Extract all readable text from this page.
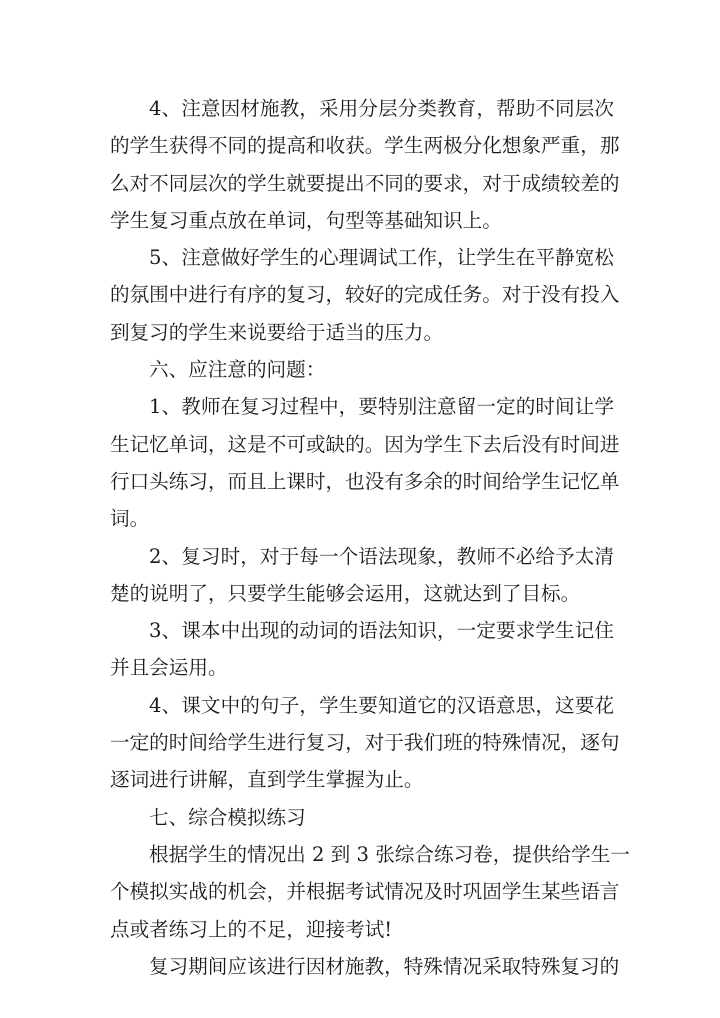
4、注意因材施教，采用分层分类教育，帮助不同层次
的学生获得不同的提高和收获。学生两极分化想象严重，那
么对不同层次的学生就要提出不同的要求，对于成绩较差的
学生复习重点放在单词，句型等基础知识上。

5、注意做好学生的心理调试工作，让学生在平静宽松
的氛围中进行有序的复习，较好的完成任务。对于没有投入
到复习的学生来说要给于适当的压力。

六、应注意的问题：

1、教师在复习过程中，要特别注意留一定的时间让学
生记忆单词，这是不可或缺的。因为学生下去后没有时间进
行口头练习，而且上课时，也没有多余的时间给学生记忆单
词。

2、复习时，对于每一个语法现象，教师不必给予太清
楚的说明了，只要学生能够会运用，这就达到了目标。

3、课本中出现的动词的语法知识，一定要求学生记住
并且会运用。

4、课文中的句子，学生要知道它的汉语意思，这要花
一定的时间给学生进行复习，对于我们班的特殊情况，逐句
逐词进行讲解，直到学生掌握为止。

七、综合模拟练习

根据学生的情况出 2 到 3 张综合练习卷，提供给学生一
个模拟实战的机会，并根据考试情况及时巩固学生某些语言
点或者练习上的不足，迎接考试!

复习期间应该进行因材施教，特殊情况采取特殊复习的
